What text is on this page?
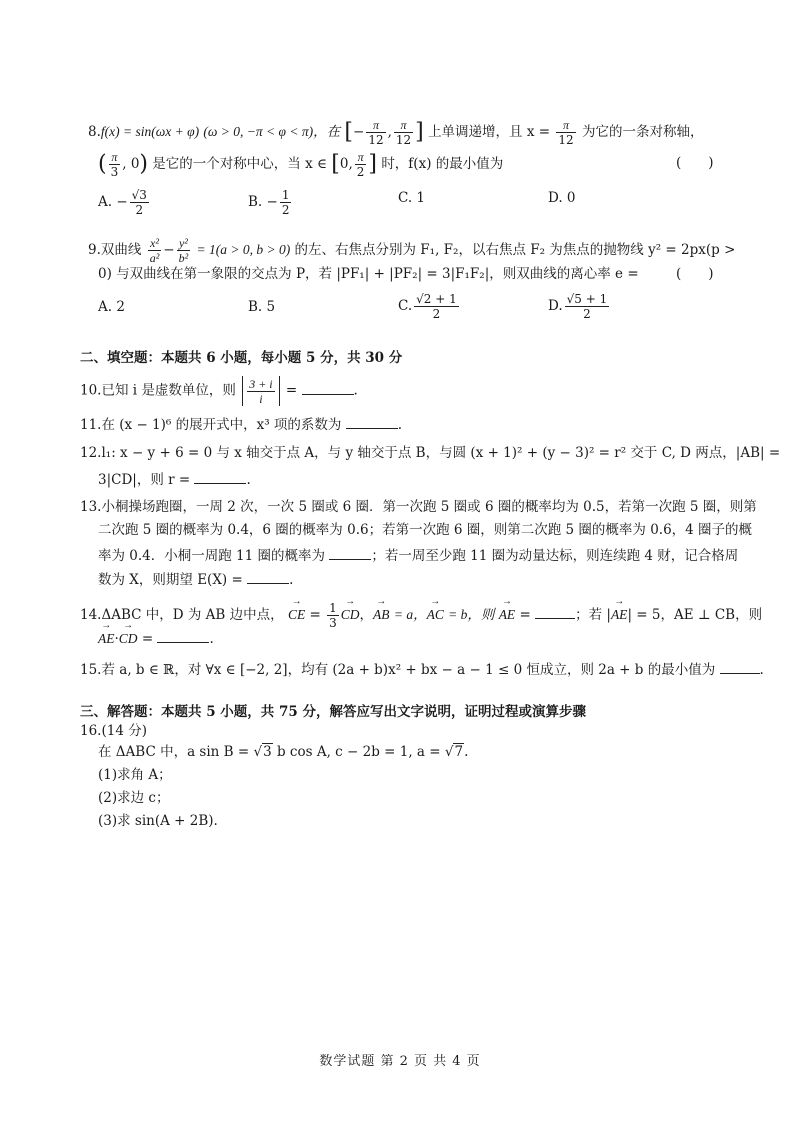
8.f(x) = sin(ωx + φ) (ω > 0, −π < φ < π)，在 [− $\frac{\pi}{12}$ , $\frac{\pi}{12}$ ] 上单调递增，且 $x = \frac{\pi}{12}$ 为它的一条对称轴，
( $\frac{\pi}{3}$ , 0) 是它的一个对称中心，当 x ∈ [0, $\frac{\pi}{2}$ ] 时，f(x) 的最小值为	(　　)
A. − $\frac{√3}{2}$	B. − $\frac{1}{2}$	C. 1	D. 0
9.双曲线 $\frac{\text{x²}}{\text{a²}} - \frac{\text{y²}}{\text{b²}} = 1(a > 0$, b > 0) 的左、右焦点分别为 F₁, F₂，以右焦点 F₂ 为焦点的抛物线 y² = 2px(p >
0) 与双曲线在第一象限的交点为 P，若 |PF₁| + |PF₂| = 3|F₁F₂|，则双曲线的离心率 e =	(　　)
A. 2	B. 5	C. $\frac{√2 + 1}{2}$	D. $\frac{√5 + 1}{2}$
二、填空题：本题共 6 小题，每小题 5 分，共 30 分
10.已知 i 是虚数单位，则 $\frac{3 + i}{i}$ =	.
11.在 (x − 1)⁶ 的展开式中，x³ 项的系数为	.
12.l₁: x − y + 6 = 0 与 x 轴交于点 A，与 y 轴交于点 B，与圆 (x + 1)² + (y − 3)² = r² 交于 C, D 两点，|AB| =
3|CD|，则 r =	.
13.小桐操场跑圈，一周 2 次，一次 5 圈或 6 圈．第一次跑 5 圈或 6 圈的概率均为 0.5，若第一次跑 5 圈，则第
二次跑 5 圈的概率为 0.4，6 圈的概率为 0.6；若第一次跑 6 圈，则第二次跑 5 圈的概率为 0.6，4 圈子的概
率为 0.4．小桐一周跑 11 圈的概率为	；若一周至少跑 11 圈为动量达标，则连续跑 4 财，记合格周
数为 X，则期望 E(X) =	.
14.ΔABC 中，D 为 AB 边中点， → CE = $\frac{1}{3}$ → CD，→ AB = a，→ AC = b，则 → AE =	；若 |→ AE| = 5，AE ⊥ CB，则
→ AE·→ CD =	.
15.若 a, b ∈ ℝ，对 ∀x ∈ [−2, 2]，均有 (2a + b)x² + bx − a − 1 ≤ 0 恒成立，则 2a + b 的最小值为	.
三、解答题：本题共 5 小题，共 75 分，解答应写出文字说明，证明过程或演算步骤
16.(14 分)
在 ΔABC 中，a sin B = √3 b cos A, c − 2b = 1, a = √7.
(1)求角 A；
(2)求边 c；
(3)求 sin(A + 2B).
数学试题 第 2 页 共 4 页
